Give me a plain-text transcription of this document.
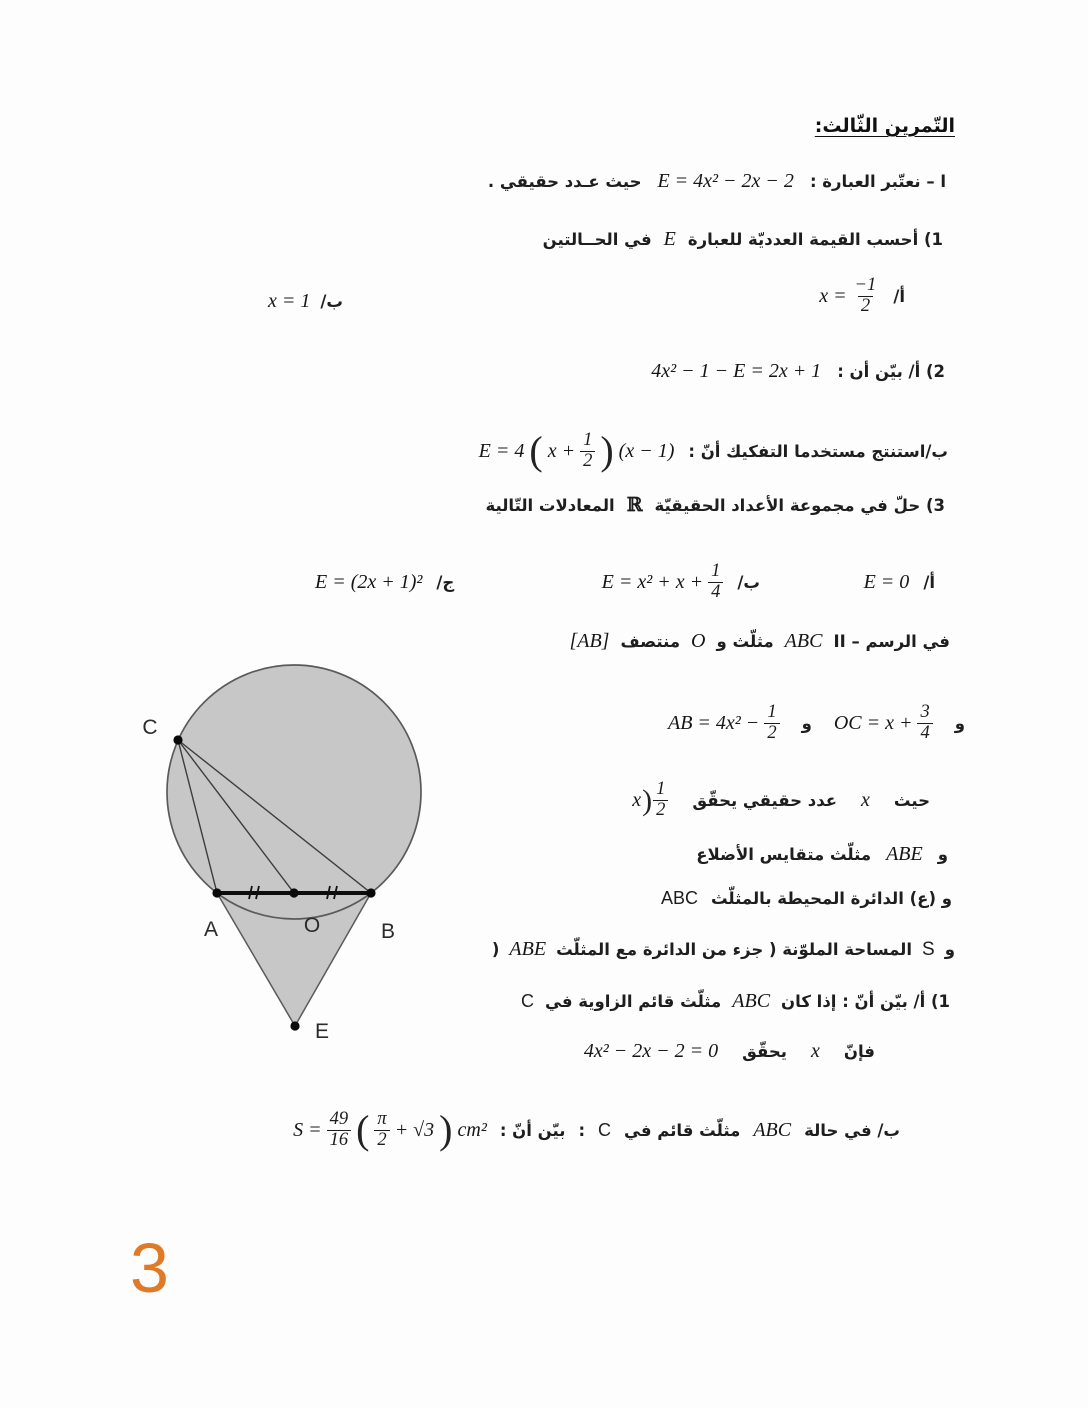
التّمرين الثّالث:
ا – نعتّبر العبارة :
E = 4x² − 2x − 2
حيث عـدد حقيقي .
1) أحسب القيمة العدديّة للعبارة
E
في الحــالتين
أ/
$x = \frac{-1}{2}$
ب/
x = 1
2) أ/ بيّن أن :
4x² − 1 − E = 2x + 1
ب/استنتج مستخدما التفكيك أنّ :
E = 4 ( $x + \frac{1}{2}$ ) (x − 1)
3) حلّ في مجموعة الأعداد الحقيقيّة
ℝ
المعادلات التّالية
أ/
E = 0
ب/
$E = x^2 + x + \frac{1}{4}$
ج/
E = (2x + 1)²
II – في الرسم
ABC
مثلّث و
O
منتصف
[AB]
و
OC = $x + \frac{3}{4}$
و
AB = $4x^2 - \frac{1}{2}$
حيث
x
عدد حقيقي يحقّق
x ) $\frac{1}{2}$
و
ABE
مثلّث متقايس الأضلاع
و (ع) الدائرة المحيطة بالمثلّث
ABC
و
S
المساحة الملوّنة ( جزء من الدائرة مع المثلّث
ABE
)
1) أ/ بيّن أنّ : إذا كان
ABC
مثلّث قائم الزاوية في
C
فإنّ
x
يحقّق
4x² − 2x − 2 = 0
ب/ في حالة
ABC
مثلّث قائم في
C
:
بيّن أنّ :
$S = \frac{49}{16}$ ( $\frac{\pi}{2} + √3$ ) cm²
C
A	O	B
E
3
